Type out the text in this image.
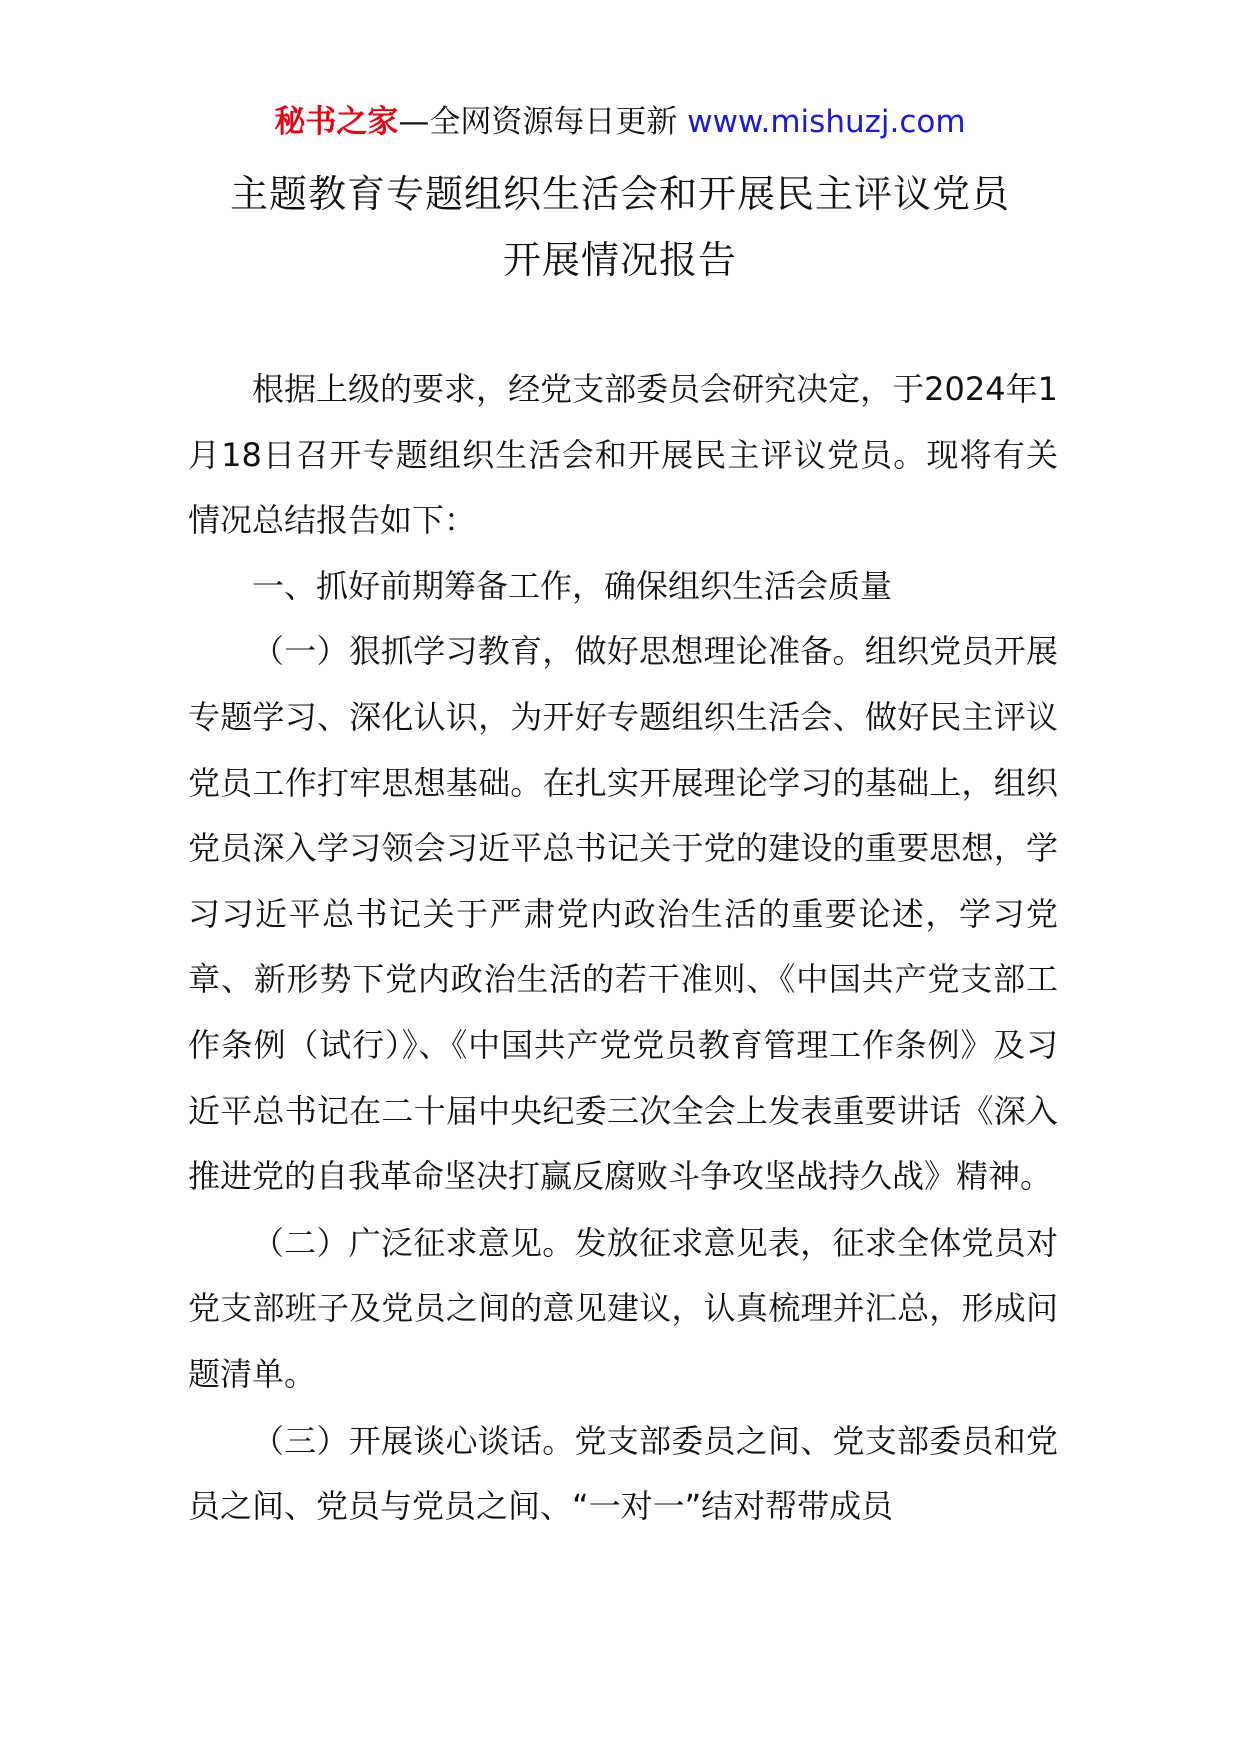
秘书之家—全网资源每日更新 www.mishuzj.com
主题教育专题组织生活会和开展民主评议党员
开展情况报告

根据上级的要求，经党支部委员会研究决定，于2024年1月18日召开专题组织生活会和开展民主评议党员。现将有关情况总结报告如下：

一、抓好前期筹备工作，确保组织生活会质量

（一）狠抓学习教育，做好思想理论准备。组织党员开展专题学习、深化认识，为开好专题组织生活会、做好民主评议党员工作打牢思想基础。在扎实开展理论学习的基础上，组织党员深入学习领会习近平总书记关于党的建设的重要思想，学习习近平总书记关于严肃党内政治生活的重要论述，学习党章、新形势下党内政治生活的若干准则、《中国共产党支部工作条例（试行）》、《中国共产党党员教育管理工作条例》及习近平总书记在二十届中央纪委三次全会上发表重要讲话《深入推进党的自我革命坚决打赢反腐败斗争攻坚战持久战》精神。

（二）广泛征求意见。发放征求意见表，征求全体党员对党支部班子及党员之间的意见建议，认真梳理并汇总，形成问题清单。

（三）开展谈心谈话。党支部委员之间、党支部委员和党员之间、党员与党员之间、“一对一”结对帮带成员
